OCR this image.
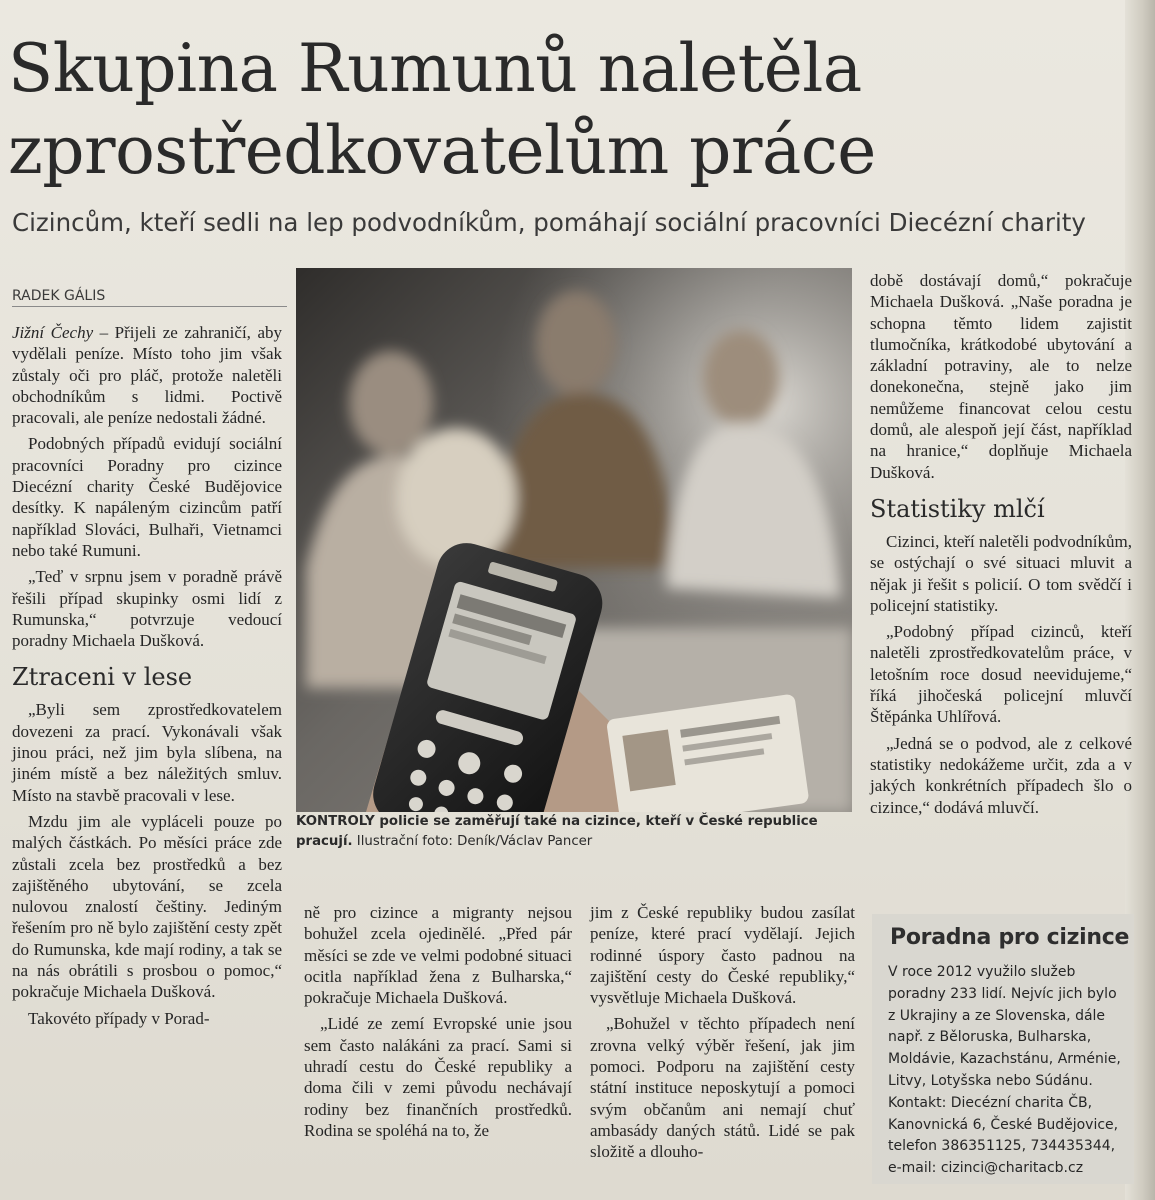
Skupina Rumunů naletěla zprostředkovatelům práce

Cizincům, kteří sedli na lep podvodníkům, pomáhají sociální pracovníci Diecézní charity

RADEK GÁLIS

Jižní Čechy – Přijeli ze zahraničí, aby vydělali peníze. Místo toho jim však zůstaly oči pro pláč, protože naletěli obchodníkům s lidmi. Poctivě pracovali, ale peníze nedostali žádné.

Podobných případů evidují sociální pracovníci Poradny pro cizince Diecézní charity České Budějovice desítky. K napáleným cizincům patří například Slováci, Bulhaři, Vietnamci nebo také Rumuni.

„Teď v srpnu jsem v poradně právě řešili případ skupinky osmi lidí z Rumunska,“ potvrzuje vedoucí poradny Michaela Dušková.

Ztraceni v lese

„Byli sem zprostředkovatelem dovezeni za prací. Vykonávali však jinou práci, než jim byla slíbena, na jiném místě a bez náležitých smluv. Místo na stavbě pracovali v lese.

Mzdu jim ale vypláceli pouze po malých částkách. Po měsíci práce zde zůstali zcela bez prostředků a bez zajištěného ubytování, se zcela nulovou znalostí češtiny. Jediným řešením pro ně bylo zajištění cesty zpět do Rumunska, kde mají rodiny, a tak se na nás obrátili s prosbou o pomoc,“ pokračuje Michaela Dušková.

Takovéto případy v Porad-

KONTROLY policie se zaměřují také na cizince, kteří v České republice pracují. Ilustrační foto: Deník/Václav Pancer

ně pro cizince a migranty nejsou bohužel zcela ojedinělé. „Před pár měsíci se zde ve velmi podobné situaci ocitla například žena z Bulharska,“ pokračuje Michaela Dušková.

„Lidé ze zemí Evropské unie jsou sem často nalákáni za prací. Sami si uhradí cestu do České republiky a doma čili v zemi původu nechávají rodiny bez finančních prostředků. Rodina se spoléhá na to, že

jim z České republiky budou zasílat peníze, které prací vydělají. Jejich rodinné úspory často padnou na zajištění cesty do České republiky,“ vysvětluje Michaela Dušková.

„Bohužel v těchto případech není zrovna velký výběr řešení, jak jim pomoci. Podporu na zajištění cesty státní instituce neposkytují a pomoci svým občanům ani nemají chuť ambasády daných států. Lidé se pak složitě a dlouho-

době dostávají domů,“ pokračuje Michaela Dušková. „Naše poradna je schopna těmto lidem zajistit tlumočníka, krátkodobé ubytování a základní potraviny, ale to nelze donekonečna, stejně jako jim nemůžeme financovat celou cestu domů, ale alespoň její část, například na hranice,“ doplňuje Michaela Dušková.

Statistiky mlčí

Cizinci, kteří naletěli podvodníkům, se ostýchají o své situaci mluvit a nějak ji řešit s policií. O tom svědčí i policejní statistiky.

„Podobný případ cizinců, kteří naletěli zprostředkovatelům práce, v letošním roce dosud neevidujeme,“ říká jihočeská policejní mluvčí Štěpánka Uhlířová.

„Jedná se o podvod, ale z celkové statistiky nedokážeme určit, zda a v jakých konkrétních případech šlo o cizince,“ dodává mluvčí.

Poradna pro cizince

V roce 2012 využilo služeb poradny 233 lidí. Nejvíc jich bylo z Ukrajiny a ze Slovenska, dále např. z Běloruska, Bulharska, Moldávie, Kazachstánu, Arménie, Litvy, Lotyšska nebo Súdánu.

Kontakt: Diecézní charita ČB,

Kanovnická 6, České Budějovice,

telefon 386351125, 734435344,

e-mail: cizinci@charitacb.cz
